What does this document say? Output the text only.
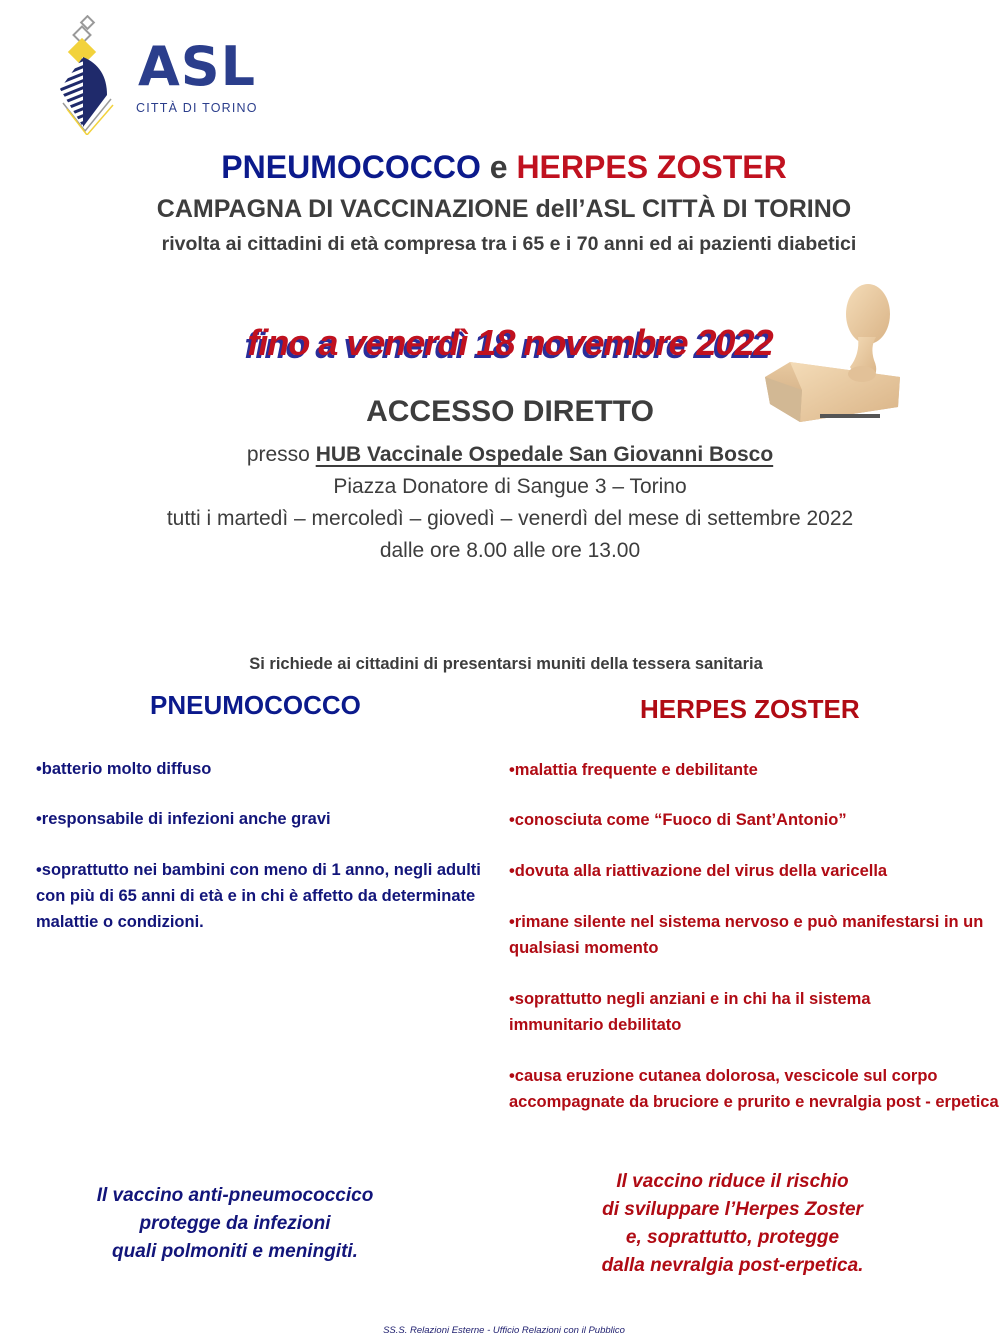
ASL
CITTÀ DI TORINO
PNEUMOCOCCO e HERPES ZOSTER
CAMPAGNA DI VACCINAZIONE dell’ASL CITTÀ DI TORINO
rivolta ai cittadini di età compresa tra i 65 e i 70 anni ed ai pazienti diabetici
fino a venerdì 18 novembre 2022
ACCESSO DIRETTO
presso HUB Vaccinale Ospedale San Giovanni Bosco
Piazza Donatore di Sangue 3 – Torino
tutti i martedì – mercoledì – giovedì – venerdì del mese di settembre 2022
dalle ore 8.00 alle ore 13.00
Si richiede ai cittadini di presentarsi muniti della tessera sanitaria
PNEUMOCOCCO	HERPES ZOSTER
•batterio molto diffuso
•responsabile di infezioni anche gravi
•soprattutto nei bambini con meno di 1 anno, negli adulti con più di 65 anni di età e in chi è affetto da determinate malattie o condizioni.
•malattia frequente e debilitante
•conosciuta come “Fuoco di Sant’Antonio”
•dovuta alla riattivazione del virus della varicella
•rimane silente nel sistema nervoso e può manifestarsi in un qualsiasi momento
•soprattutto negli anziani e in chi ha il sistema immunitario debilitato
•causa eruzione cutanea dolorosa, vescicole sul corpo accompagnate da bruciore e prurito e nevralgia post - erpetica
Il vaccino anti-pneumococcico
protegge da infezioni
quali polmoniti e meningiti.
Il vaccino riduce il rischio
di sviluppare l’Herpes Zoster
e, soprattutto, protegge
dalla nevralgia post-erpetica.
SS.S. Relazioni Esterne - Ufficio Relazioni con il Pubblico
